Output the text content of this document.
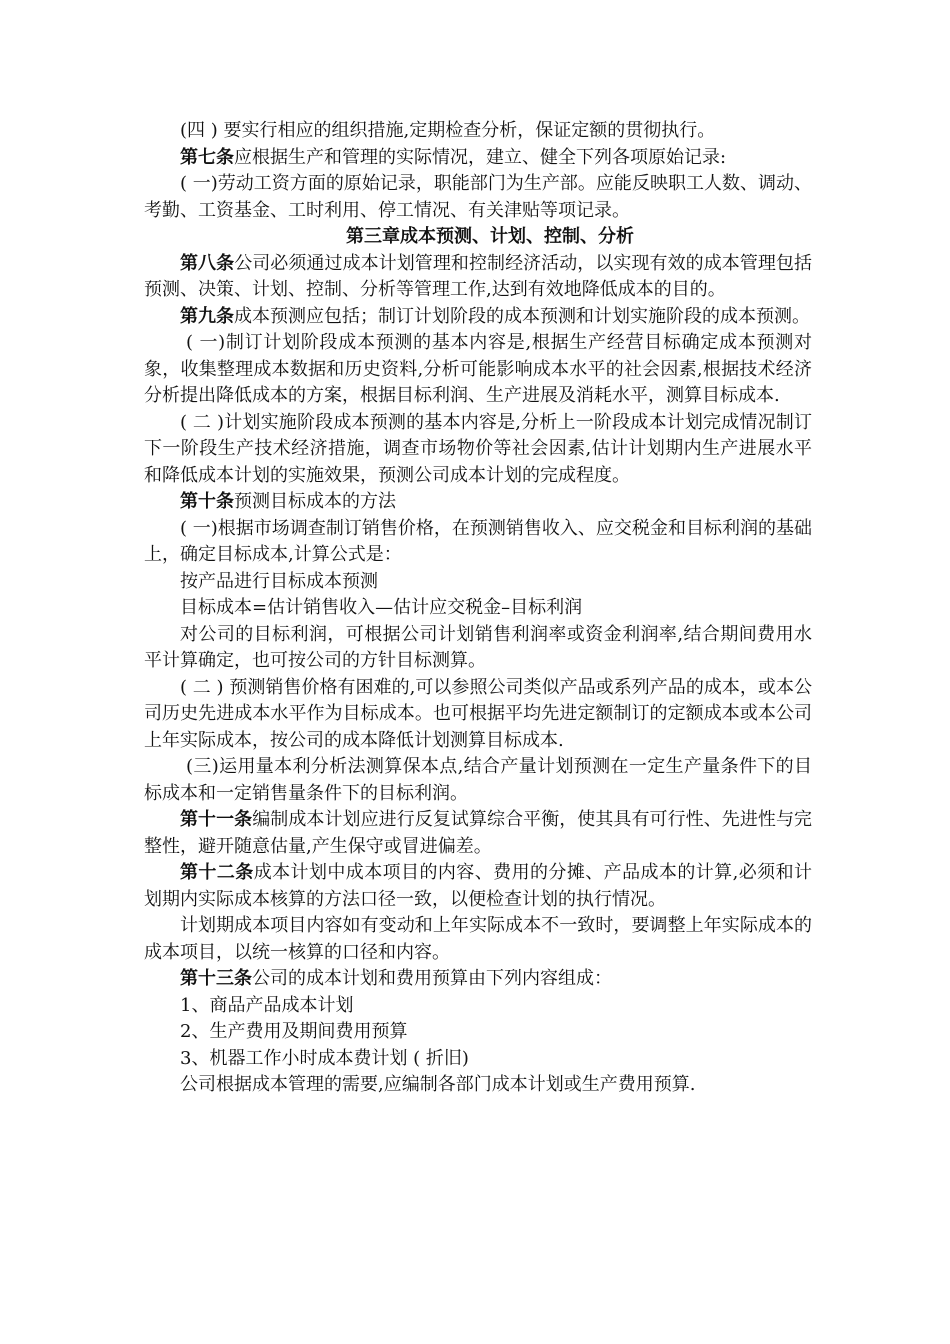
(四 ) 要实行相应的组织措施,定期检查分析，保证定额的贯彻执行。

第七条应根据生产和管理的实际情况，建立、健全下列各项原始记录:

( 一)劳动工资方面的原始记录，职能部门为生产部。应能反映职工人数、调动、考勤、工资基金、工时利用、停工情况、有关津贴等项记录。

第三章成本预测、计划、控制、分析

第八条公司必须通过成本计划管理和控制经济活动，以实现有效的成本管理包括预测、决策、计划、控制、分析等管理工作,达到有效地降低成本的目的。

第九条成本预测应包括；制订计划阶段的成本预测和计划实施阶段的成本预测。

( 一)制订计划阶段成本预测的基本内容是,根据生产经营目标确定成本预测对象，收集整理成本数据和历史资料,分析可能影响成本水平的社会因素,根据技术经济分析提出降低成本的方案，根据目标利润、生产进展及消耗水平，测算目标成本.

( 二 )计划实施阶段成本预测的基本内容是,分析上一阶段成本计划完成情况制订下一阶段生产技术经济措施，调查市场物价等社会因素,估计计划期内生产进展水平和降低成本计划的实施效果，预测公司成本计划的完成程度。

第十条预测目标成本的方法

( 一)根据市场调查制订销售价格，在预测销售收入、应交税金和目标利润的基础上，确定目标成本,计算公式是：

按产品进行目标成本预测

目标成本=估计销售收入—估计应交税金–目标利润

对公司的目标利润，可根据公司计划销售利润率或资金利润率,结合期间费用水平计算确定，也可按公司的方针目标测算。

( 二 ) 预测销售价格有困难的,可以参照公司类似产品或系列产品的成本，或本公司历史先进成本水平作为目标成本。也可根据平均先进定额制订的定额成本或本公司上年实际成本，按公司的成本降低计划测算目标成本.

(三)运用量本利分析法测算保本点,结合产量计划预测在一定生产量条件下的目标成本和一定销售量条件下的目标利润。

第十一条编制成本计划应进行反复试算综合平衡，使其具有可行性、先进性与完整性，避开随意估量,产生保守或冒进偏差。

第十二条成本计划中成本项目的内容、费用的分摊、产品成本的计算,必须和计划期内实际成本核算的方法口径一致，以便检查计划的执行情况。

计划期成本项目内容如有变动和上年实际成本不一致时，要调整上年实际成本的成本项目，以统一核算的口径和内容。

第十三条公司的成本计划和费用预算由下列内容组成：

1、商品产品成本计划

2、生产费用及期间费用预算

3、机器工作小时成本费计划 ( 折旧)

公司根据成本管理的需要,应编制各部门成本计划或生产费用预算.
